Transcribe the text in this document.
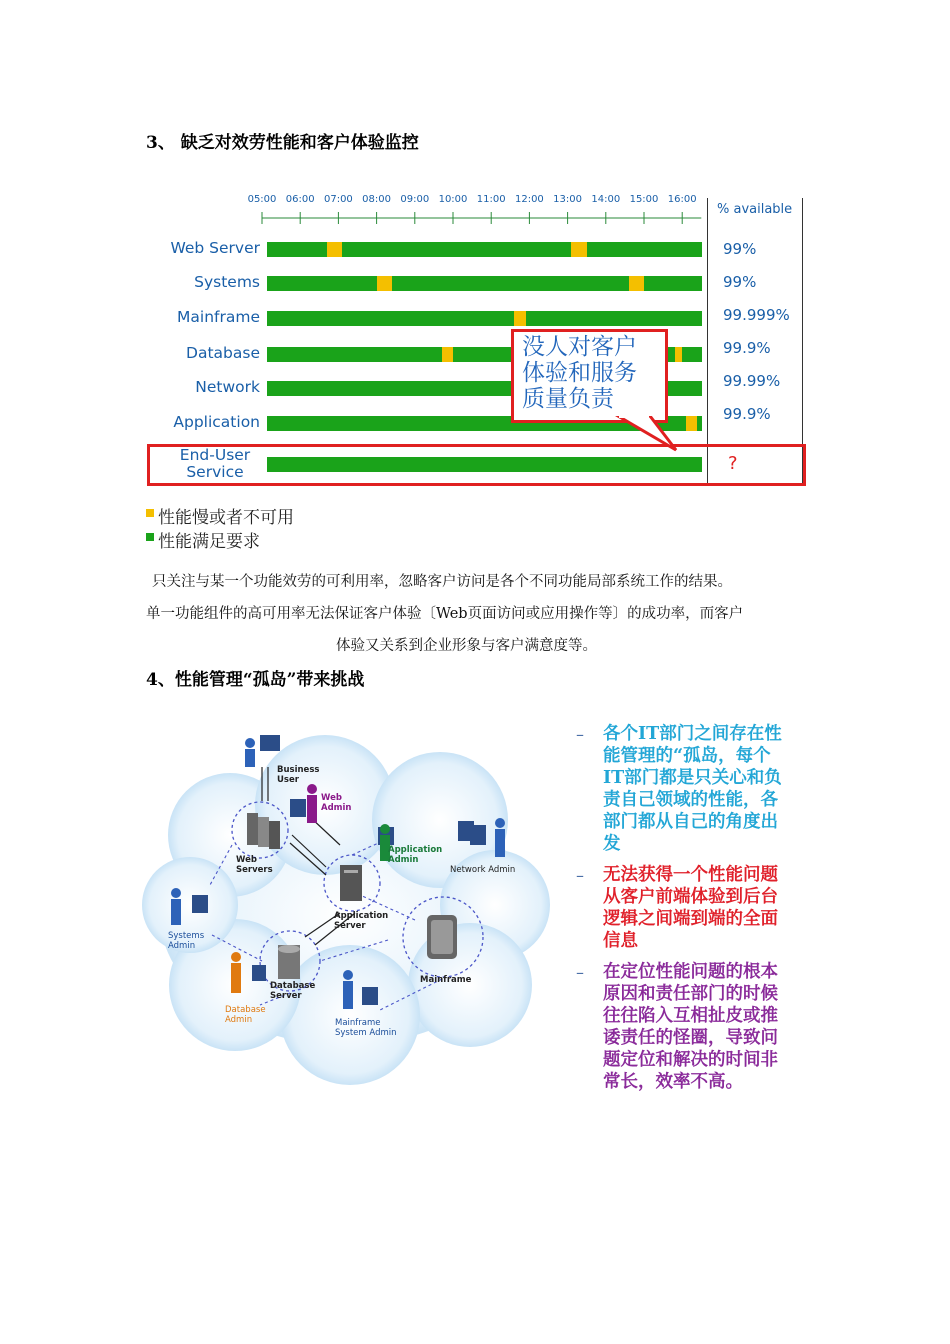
3、 缺乏对效劳性能和客户体验监控
05:00 06:00 07:00 08:00 09:00 10:00 11:00 12:00 13:00 14:00 15:00 16:00
% available
Web Server	99%
Systems	99%
Mainframe	99.999%
Database	99.9%
Network	99.99%
Application	99.9%
End-User
Service	?
没人对客户
体验和服务
质量负责
性能慢或者不可用
性能满足要求
只关注与某一个功能效劳的可利用率，忽略客户访问是各个不同功能局部系统工作的结果。
单一功能组件的高可用率无法保证客户体验〔Web页面访问或应用操作等〕的成功率，而客户
体验又关系到企业形象与客户满意度等。
4、性能管理“孤岛”带来挑战
Business
User
Web
Admin
Web
Servers
Application
Admin
Network Admin
Application
Server
Systems
Admin
Database
Server
Mainframe
Database
Admin	Mainframe
System Admin
– 各个IT部门之间存在性
能管理的“孤岛，每个
IT部门都是只关心和负
责自己领域的性能，各
部门都从自己的角度出
发
– 无法获得一个性能问题
从客户前端体验到后台
逻辑之间端到端的全面
信息
– 在定位性能问题的根本
原因和责任部门的时候
往往陷入互相扯皮或推
诿责任的怪圈，导致问
题定位和解决的时间非
常长，效率不高。
